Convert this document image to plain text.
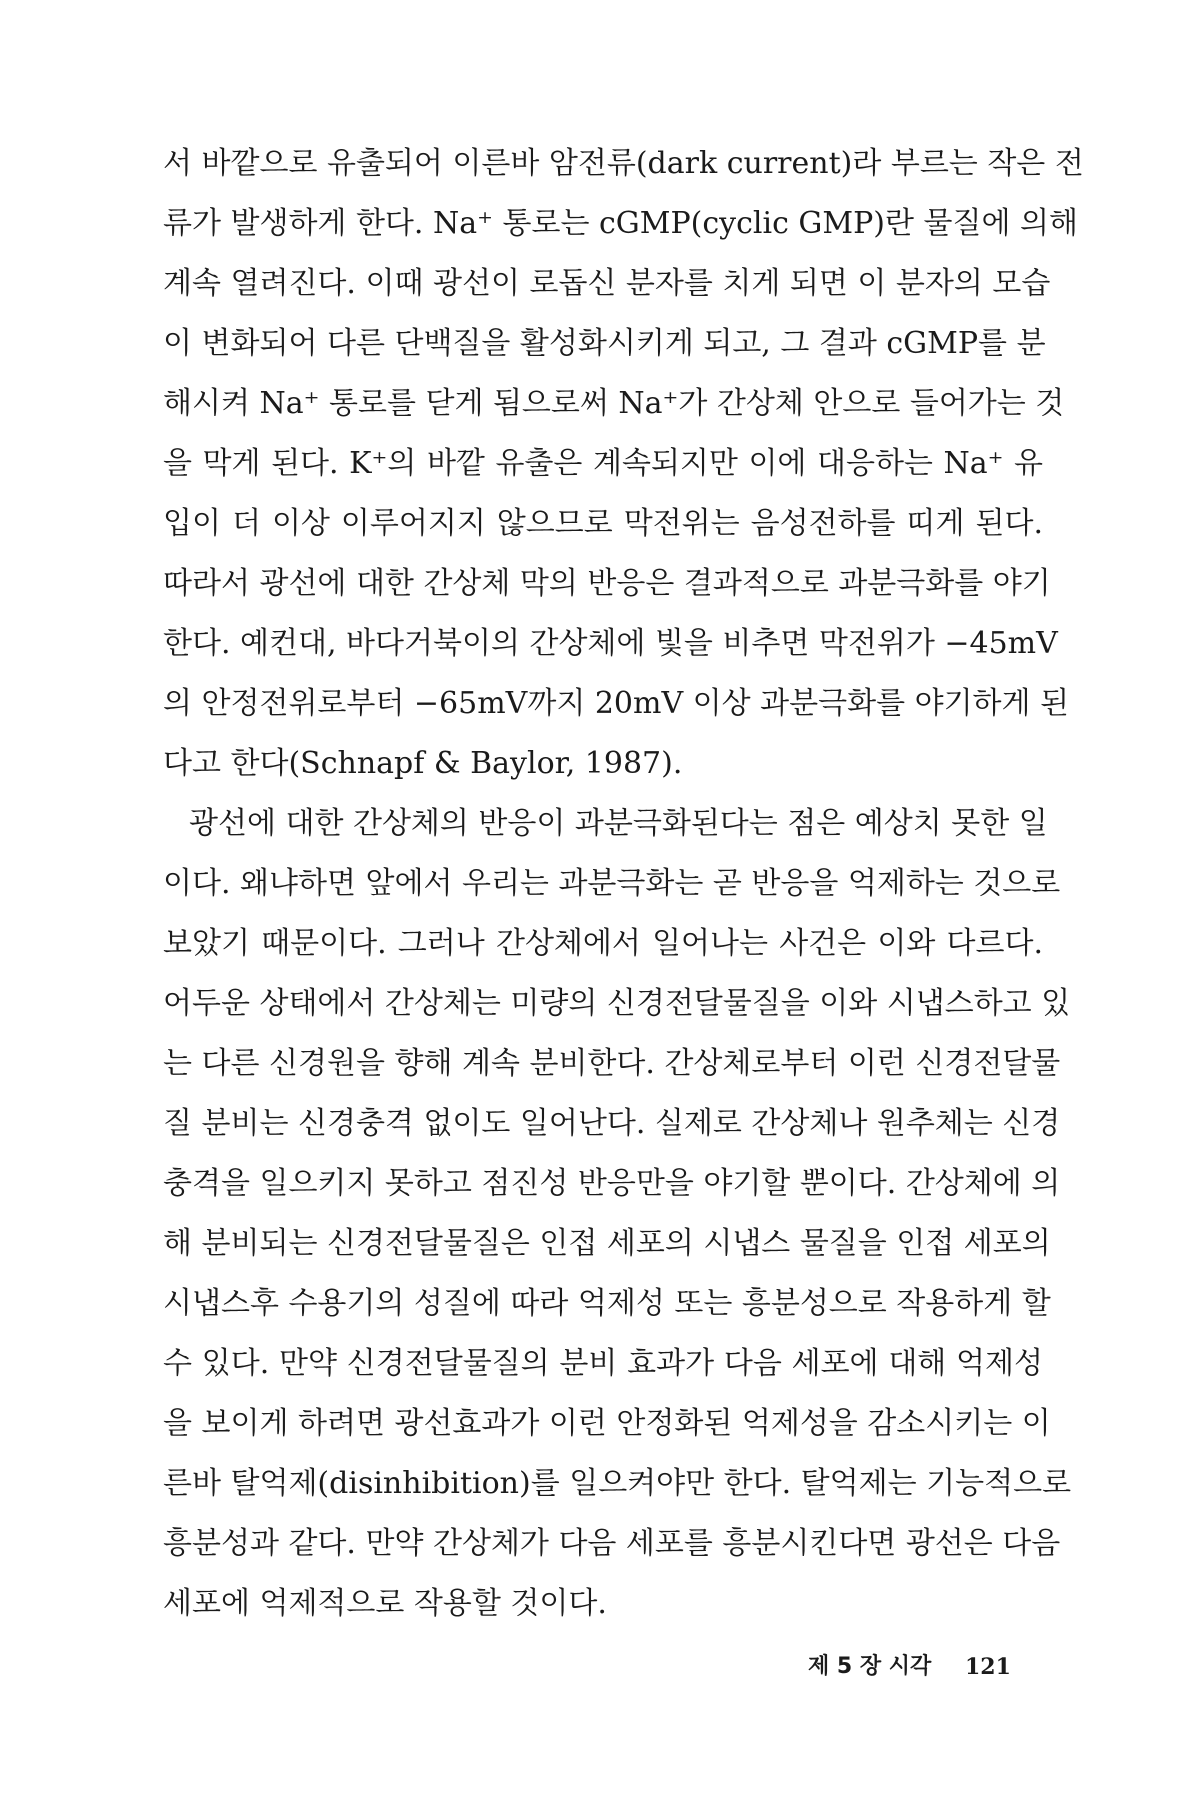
서 바깥으로 유출되어 이른바 암전류(dark current)라 부르는 작은 전
류가 발생하게 한다. Na⁺ 통로는 cGMP(cyclic GMP)란 물질에 의해
계속 열려진다. 이때 광선이 로돕신 분자를 치게 되면 이 분자의 모습
이 변화되어 다른 단백질을 활성화시키게 되고, 그 결과 cGMP를 분
해시켜 Na⁺ 통로를 닫게 됨으로써 Na⁺가 간상체 안으로 들어가는 것
을 막게 된다. K⁺의 바깥 유출은 계속되지만 이에 대응하는 Na⁺ 유
입이 더 이상 이루어지지 않으므로 막전위는 음성전하를 띠게 된다.
따라서 광선에 대한 간상체 막의 반응은 결과적으로 과분극화를 야기
한다. 예컨대, 바다거북이의 간상체에 빛을 비추면 막전위가 −45mV
의 안정전위로부터 −65mV까지 20mV 이상 과분극화를 야기하게 된
다고 한다(Schnapf & Baylor, 1987).
광선에 대한 간상체의 반응이 과분극화된다는 점은 예상치 못한 일
이다. 왜냐하면 앞에서 우리는 과분극화는 곧 반응을 억제하는 것으로
보았기 때문이다. 그러나 간상체에서 일어나는 사건은 이와 다르다.
어두운 상태에서 간상체는 미량의 신경전달물질을 이와 시냅스하고 있
는 다른 신경원을 향해 계속 분비한다. 간상체로부터 이런 신경전달물
질 분비는 신경충격 없이도 일어난다. 실제로 간상체나 원추체는 신경
충격을 일으키지 못하고 점진성 반응만을 야기할 뿐이다. 간상체에 의
해 분비되는 신경전달물질은 인접 세포의 시냅스 물질을 인접 세포의
시냅스후 수용기의 성질에 따라 억제성 또는 흥분성으로 작용하게 할
수 있다. 만약 신경전달물질의 분비 효과가 다음 세포에 대해 억제성
을 보이게 하려면 광선효과가 이런 안정화된 억제성을 감소시키는 이
른바 탈억제(disinhibition)를 일으켜야만 한다. 탈억제는 기능적으로
흥분성과 같다. 만약 간상체가 다음 세포를 흥분시킨다면 광선은 다음
세포에 억제적으로 작용할 것이다.
제 5 장 시각 121
